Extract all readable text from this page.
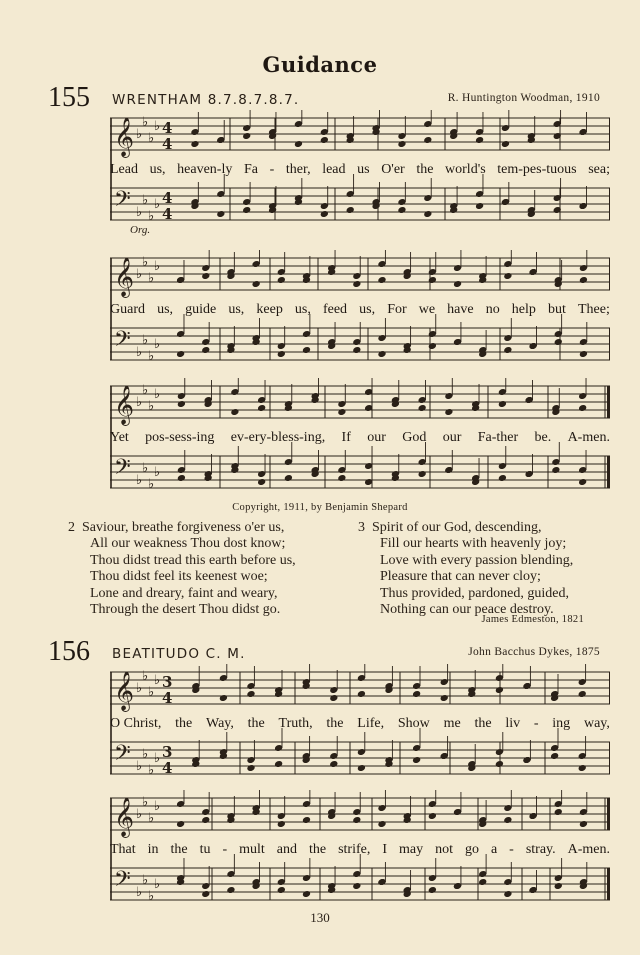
Guidance
155 WRENTHAM 8.7.8.7.8.7.	R. Huntington Woodman, 1910
𝄞 ♭
♭
♭
♭ 4
4
𝄢 ♭
♭
♭
♭ 4
4
Lead us, heaven-ly Fa - ther, lead us O'er the world's tem-pes-tuous sea;
Org.
𝄞 ♭
♭
♭
♭
𝄢 ♭
♭
♭
♭
Guard us, guide us, keep us, feed us, For we have no help but Thee;
𝄞 ♭
♭
♭
♭
𝄢 ♭
♭
♭
♭
Yet pos-sess-ing ev-ery-bless-ing, If our God our Fa-ther be. A-men.
Copyright, 1911, by Benjamin Shepard
2 Saviour, breathe forgiveness o'er us,
All our weakness Thou dost know;
Thou didst tread this earth before us,
Thou didst feel its keenest woe;
Lone and dreary, faint and weary,
Through the desert Thou didst go.
3 Spirit of our God, descending,
Fill our hearts with heavenly joy;
Love with every passion blending,
Pleasure that can never cloy;
Thus provided, pardoned, guided,
Nothing can our peace destroy.
James Edmeston, 1821
156 BEATITUDO C. M.	John Bacchus Dykes, 1875
𝄞 ♭
♭
♭
♭ 3
4
𝄢 ♭
♭
♭
♭ 3
4
O Christ, the Way, the Truth, the Life, Show me the liv - ing way,
𝄞 ♭
♭
♭
♭
𝄢 ♭
♭
♭
♭
That in the tu - mult and the strife, I may not go a - stray. A-men.
130
